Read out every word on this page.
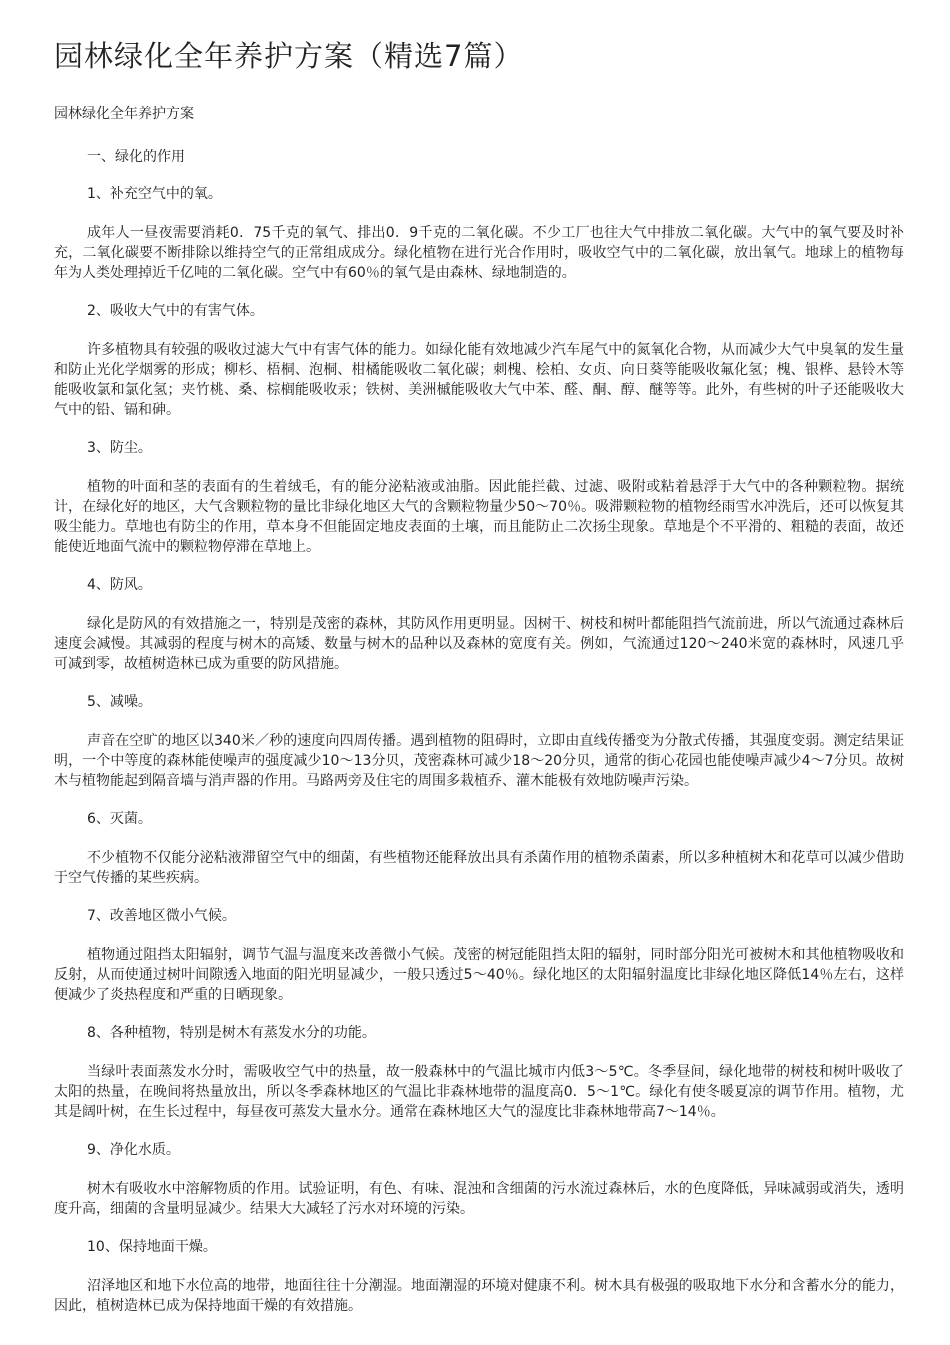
园林绿化全年养护方案（精选7篇）

园林绿化全年养护方案

一、绿化的作用

1、补充空气中的氧。

成年人一昼夜需要消耗0．75千克的氧气、排出0．9千克的二氧化碳。不少工厂也往大气中排放二氧化碳。大气中的氧气要及时补充，二氧化碳要不断排除以维持空气的正常组成成分。绿化植物在进行光合作用时，吸收空气中的二氧化碳，放出氧气。地球上的植物每年为人类处理掉近千亿吨的二氧化碳。空气中有60％的氧气是由森林、绿地制造的。

2、吸收大气中的有害气体。

许多植物具有较强的吸收过滤大气中有害气体的能力。如绿化能有效地减少汽车尾气中的氮氧化合物，从而减少大气中臭氧的发生量和防止光化学烟雾的形成；柳杉、梧桐、泡桐、柑橘能吸收二氧化碳；刺槐、桧柏、女贞、向日葵等能吸收氟化氢；槐、银桦、悬铃木等能吸收氯和氯化氢；夹竹桃、桑、棕榈能吸收汞；铁树、美洲槭能吸收大气中苯、醛、酮、醇、醚等等。此外，有些树的叶子还能吸收大气中的铅、镉和砷。

3、防尘。

植物的叶面和茎的表面有的生着绒毛，有的能分泌粘液或油脂。因此能拦截、过滤、吸附或粘着悬浮于大气中的各种颗粒物。据统计，在绿化好的地区，大气含颗粒物的量比非绿化地区大气的含颗粒物量少50～70％。吸滞颗粒物的植物经雨雪水冲洗后，还可以恢复其吸尘能力。草地也有防尘的作用，草本身不但能固定地皮表面的土壤，而且能防止二次扬尘现象。草地是个不平滑的、粗糙的表面，故还能使近地面气流中的颗粒物停滞在草地上。

4、防风。

绿化是防风的有效措施之一，特别是茂密的森林，其防风作用更明显。因树干、树枝和树叶都能阻挡气流前进，所以气流通过森林后速度会减慢。其减弱的程度与树木的高矮、数量与树木的品种以及森林的宽度有关。例如，气流通过120～240米宽的森林时，风速几乎可减到零，故植树造林已成为重要的防风措施。

5、减噪。

声音在空旷的地区以340米／秒的速度向四周传播。遇到植物的阻碍时，立即由直线传播变为分散式传播，其强度变弱。测定结果证明，一个中等度的森林能使噪声的强度减少10～13分贝，茂密森林可减少18～20分贝，通常的街心花园也能使噪声减少4～7分贝。故树木与植物能起到隔音墙与消声器的作用。马路两旁及住宅的周围多栽植乔、灌木能极有效地防噪声污染。

6、灭菌。

不少植物不仅能分泌粘液滞留空气中的细菌，有些植物还能释放出具有杀菌作用的植物杀菌素，所以多种植树木和花草可以减少借助于空气传播的某些疾病。

7、改善地区微小气候。

植物通过阻挡太阳辐射，调节气温与温度来改善微小气候。茂密的树冠能阻挡太阳的辐射，同时部分阳光可被树木和其他植物吸收和反射，从而使通过树叶间隙透入地面的阳光明显减少，一般只透过5～40％。绿化地区的太阳辐射温度比非绿化地区降低14％左右，这样便减少了炎热程度和严重的日晒现象。

8、各种植物，特别是树木有蒸发水分的功能。

当绿叶表面蒸发水分时，需吸收空气中的热量，故一般森林中的气温比城市内低3～5℃。冬季昼间，绿化地带的树枝和树叶吸收了太阳的热量，在晚间将热量放出，所以冬季森林地区的气温比非森林地带的温度高0．5～1℃。绿化有使冬暖夏凉的调节作用。植物，尤其是阔叶树，在生长过程中，每昼夜可蒸发大量水分。通常在森林地区大气的湿度比非森林地带高7～14％。

9、净化水质。

树木有吸收水中溶解物质的作用。试验证明，有色、有味、混浊和含细菌的污水流过森林后，水的色度降低，异味减弱或消失，透明度升高，细菌的含量明显减少。结果大大减轻了污水对环境的污染。

10、保持地面干燥。

沼泽地区和地下水位高的地带，地面往往十分潮湿。地面潮湿的环境对健康不利。树木具有极强的吸取地下水分和含蓄水分的能力，因此，植树造林已成为保持地面干燥的有效措施。
